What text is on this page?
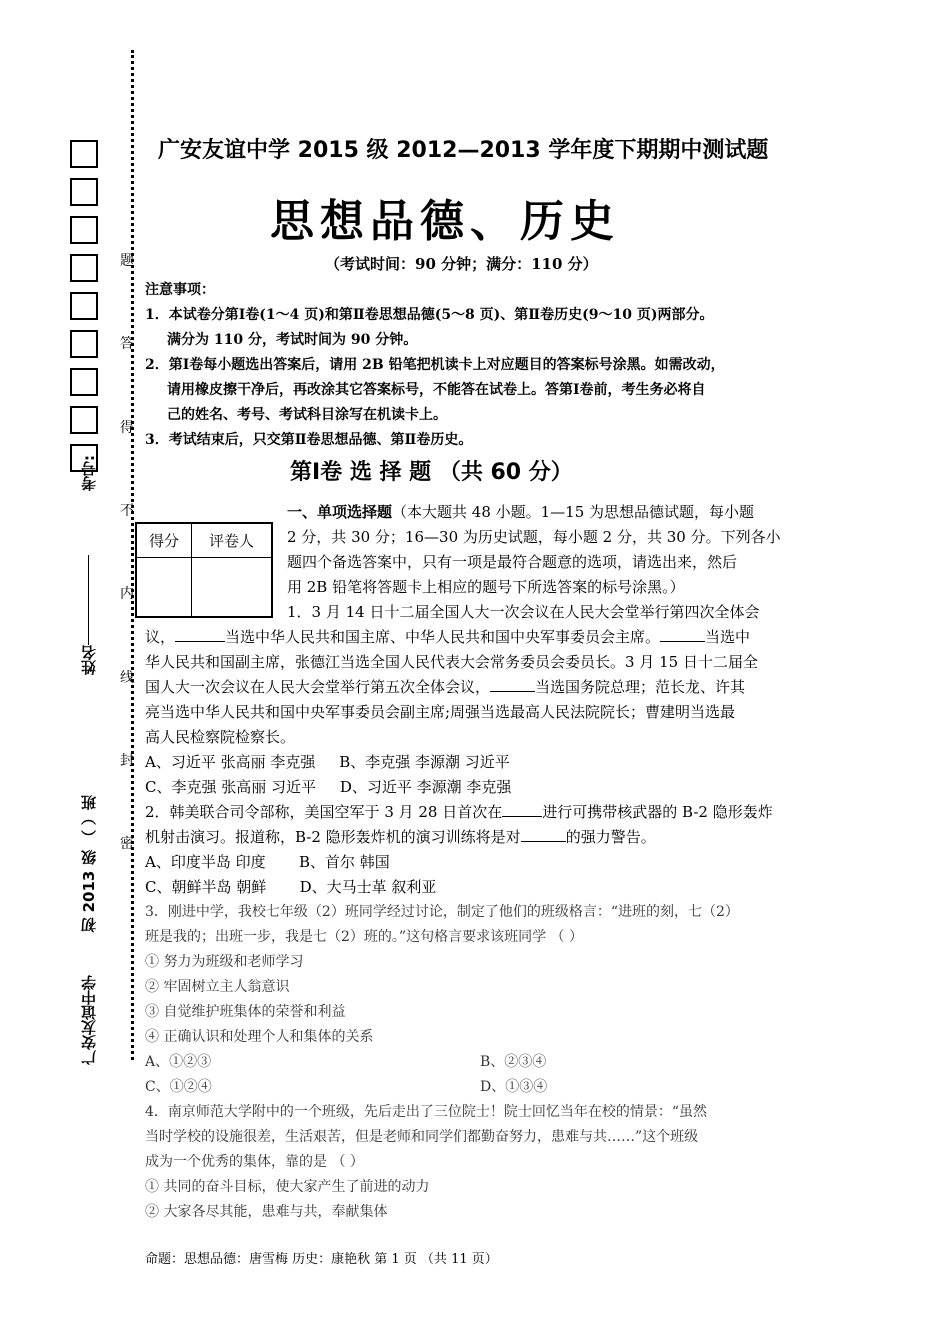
考号:
姓名
初 2013 级 （ ）班
广安友谊中学
题
答
得
不
内
线
封
密
广安友谊中学 2015 级 2012—2013 学年度下期期中测试题
思想品德、历史
（考试时间：90 分钟；满分：110 分）
注意事项：
1．本试卷分第Ⅰ卷(1～4 页)和第Ⅱ卷思想品德(5～8 页)、第Ⅱ卷历史(9～10 页)两部分。
满分为 110 分，考试时间为 90 分钟。
2．第Ⅰ卷每小题选出答案后，请用 2B 铅笔把机读卡上对应题目的答案标号涂黑。如需改动，
请用橡皮擦干净后，再改涂其它答案标号，不能答在试卷上。答第Ⅰ卷前，考生务必将自
己的姓名、考号、考试科目涂写在机读卡上。
3．考试结束后，只交第Ⅱ卷思想品德、第Ⅱ卷历史。
第Ⅰ卷 选 择 题 （共 60 分）
得分	评卷人

一、单项选择题（本大题共 48 小题。1—15 为思想品德试题，每小题

2 分，共 30 分；16—30 为历史试题，每小题 2 分，共 30 分。下列各小

题四个备选答案中，只有一项是最符合题意的选项，请选出来，然后

用 2B 铅笔将答题卡上相应的题号下所选答案的标号涂黑。）

1．3 月 14 日十二届全国人大一次会议在人民大会堂举行第四次全体会

议，	当选中华人民共和国主席、中华人民共和国中央军事委员会主席。	当选中

华人民共和国副主席，张德江当选全国人民代表大会常务委员会委员长。3 月 15 日十二届全

国人大一次会议在人民大会堂举行第五次全体会议，	当选国务院总理；范长龙、许其

亮当选中华人民共和国中央军事委员会副主席;周强当选最高人民法院院长；曹建明当选最

高人民检察院检察长。

A、习近平 张高丽 李克强 B、李克强 李源潮 习近平

C、李克强 张高丽 习近平 D、习近平 李源潮 李克强

2．韩美联合司令部称，美国空军于 3 月 28 日首次在	进行可携带核武器的 B-2 隐形轰炸

机射击演习。报道称，B-2 隐形轰炸机的演习训练将是对	的强力警告。

A、印度半岛 印度 B、首尔 韩国

C、朝鲜半岛 朝鲜 D、大马士革 叙利亚

3．刚进中学，我校七年级（2）班同学经过讨论，制定了他们的班级格言：“进班的刻，七（2）

班是我的；出班一步，我是七（2）班的。”这句格言要求该班同学 （ ）

① 努力为班级和老师学习

② 牢固树立主人翁意识

③ 自觉维护班集体的荣誉和利益

④ 正确认识和处理个人和集体的关系

A、①②③	B、②③④

C、①②④	D、①③④

4．南京师范大学附中的一个班级，先后走出了三位院士！院士回忆当年在校的情景：“虽然

当时学校的设施很差，生活艰苦，但是老师和同学们都勤奋努力，患难与共……”这个班级

成为一个优秀的集体，靠的是 （ ）

① 共同的奋斗目标，使大家产生了前进的动力

② 大家各尽其能，患难与共，奉献集体

命题：思想品德：唐雪梅 历史：康艳秋 第 1 页 （共 11 页）
